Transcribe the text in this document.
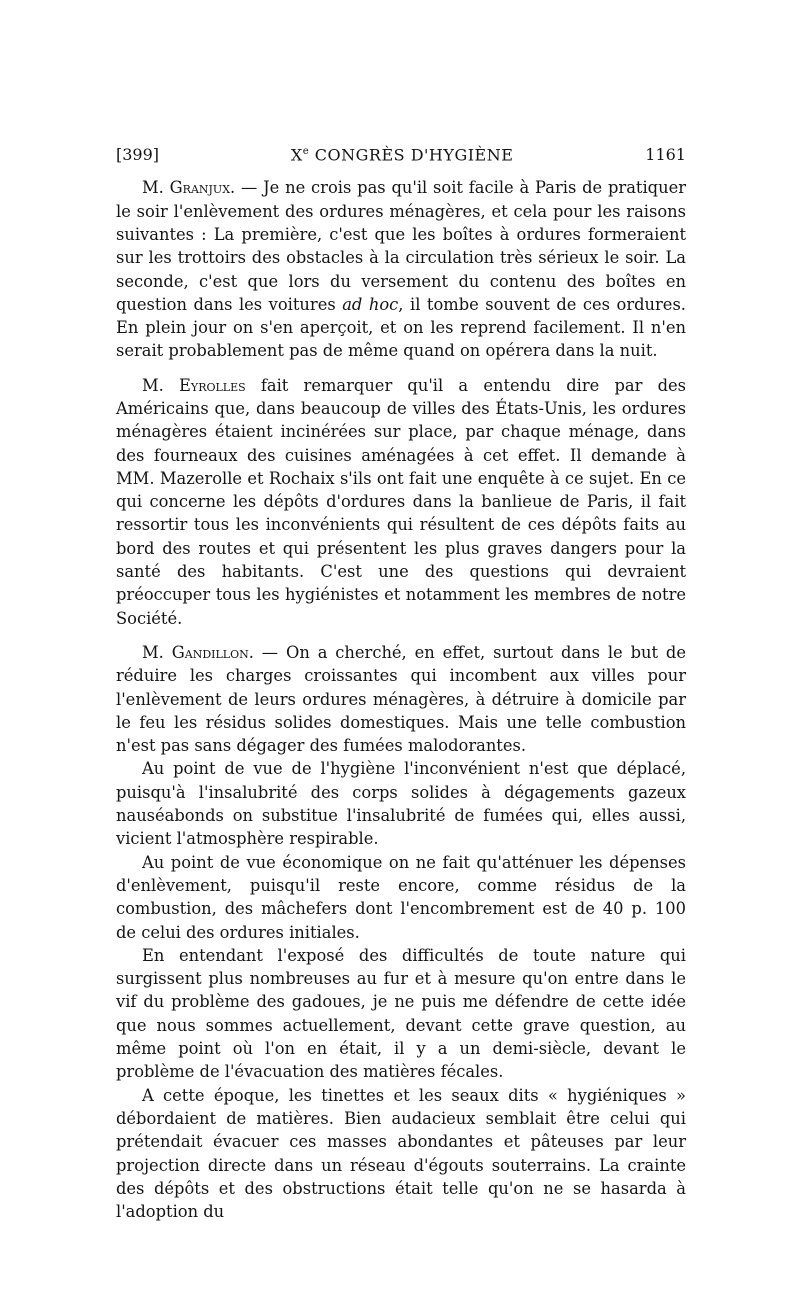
[399]	Xe CONGRÈS D'HYGIÈNE	1161

M. Granjux. — Je ne crois pas qu'il soit facile à Paris de pratiquer le soir l'enlèvement des ordures ménagères, et cela pour les raisons suivantes : La première, c'est que les boîtes à ordures formeraient sur les trottoirs des obstacles à la circulation très sérieux le soir. La seconde, c'est que lors du versement du contenu des boîtes en question dans les voitures ad hoc, il tombe souvent de ces ordures. En plein jour on s'en aperçoit, et on les reprend facilement. Il n'en serait probablement pas de même quand on opérera dans la nuit.

M. Eyrolles fait remarquer qu'il a entendu dire par des Américains que, dans beaucoup de villes des États-Unis, les ordures ménagères étaient incinérées sur place, par chaque ménage, dans des fourneaux des cuisines aménagées à cet effet. Il demande à MM. Mazerolle et Rochaix s'ils ont fait une enquête à ce sujet. En ce qui concerne les dépôts d'ordures dans la banlieue de Paris, il fait ressortir tous les inconvénients qui résultent de ces dépôts faits au bord des routes et qui présentent les plus graves dangers pour la santé des habitants. C'est une des questions qui devraient préoccuper tous les hygiénistes et notamment les membres de notre Société.

M. Gandillon. — On a cherché, en effet, surtout dans le but de réduire les charges croissantes qui incombent aux villes pour l'enlèvement de leurs ordures ménagères, à détruire à domicile par le feu les résidus solides domestiques. Mais une telle combustion n'est pas sans dégager des fumées malodorantes.

Au point de vue de l'hygiène l'inconvénient n'est que déplacé, puisqu'à l'insalubrité des corps solides à dégagements gazeux nauséabonds on substitue l'insalubrité de fumées qui, elles aussi, vicient l'atmosphère respirable.

Au point de vue économique on ne fait qu'atténuer les dépenses d'enlèvement, puisqu'il reste encore, comme résidus de la combustion, des mâchefers dont l'encombrement est de 40 p. 100 de celui des ordures initiales.

En entendant l'exposé des difficultés de toute nature qui surgissent plus nombreuses au fur et à mesure qu'on entre dans le vif du problème des gadoues, je ne puis me défendre de cette idée que nous sommes actuellement, devant cette grave question, au même point où l'on en était, il y a un demi-siècle, devant le problème de l'évacuation des matières fécales.

A cette époque, les tinettes et les seaux dits « hygiéniques » débordaient de matières. Bien audacieux semblait être celui qui prétendait évacuer ces masses abondantes et pâteuses par leur projection directe dans un réseau d'égouts souterrains. La crainte des dépôts et des obstructions était telle qu'on ne se hasarda à l'adoption du
